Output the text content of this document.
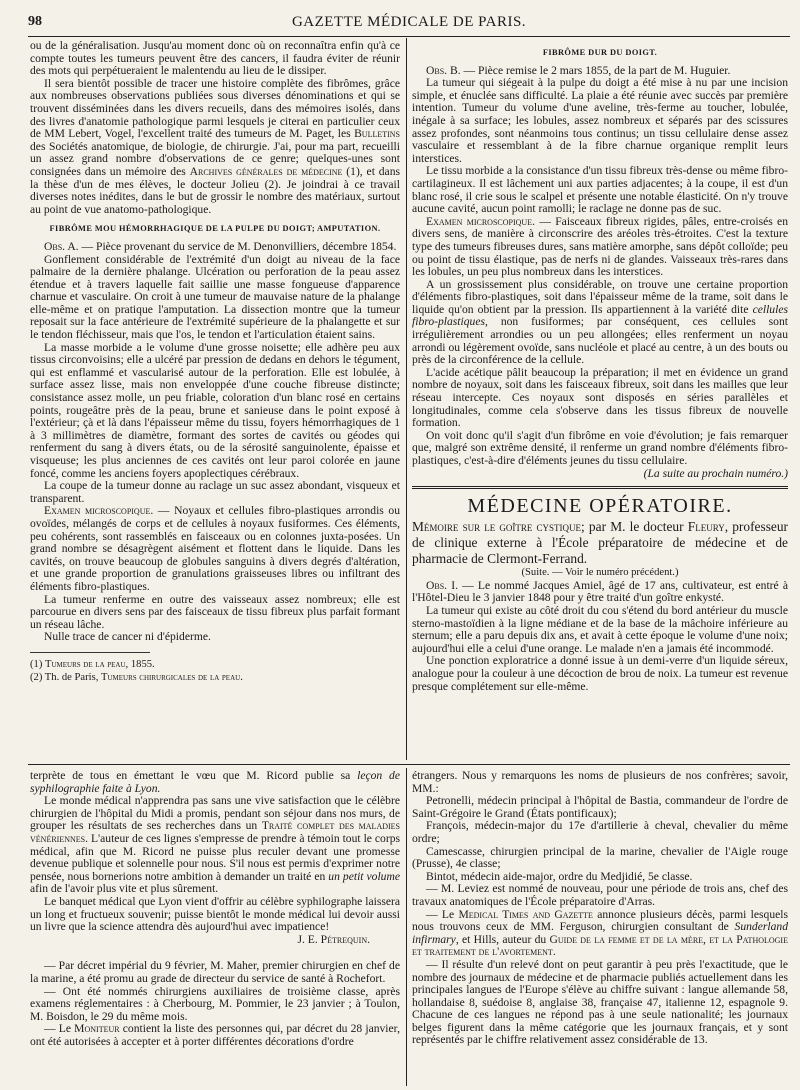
98	GAZETTE MÉDICALE DE PARIS.

ou de la généralisation. Jusqu'au moment donc où on reconnaîtra enfin qu'à ce compte toutes les tumeurs peuvent être des cancers, il faudra éviter de réunir des mots qui perpétueraient le malentendu au lieu de le dissiper.

Il sera bientôt possible de tracer une histoire complète des fibrômes, grâce aux nombreuses observations publiées sous diverses dénominations et qui se trouvent disséminées dans les divers recueils, dans des mémoires isolés, dans des livres d'anatomie pathologique parmi lesquels je citerai en particulier ceux de MM Lebert, Vogel, l'excellent traité des tumeurs de M. Paget, les Bulletins des Sociétés anatomique, de biologie, de chirurgie. J'ai, pour ma part, recueilli un assez grand nombre d'observations de ce genre; quelques-unes sont consignées dans un mémoire des Archives générales de médecine (1), et dans la thèse d'un de mes élèves, le docteur Jolieu (2). Je joindrai à ce travail diverses notes inédites, dans le but de grossir le nombre des matériaux, surtout au point de vue anatomo-pathologique.

FIBRÔME MOU HÉMORRHAGIQUE DE LA PULPE DU DOIGT; AMPUTATION.

Obs. A. — Pièce provenant du service de M. Denonvilliers, décembre 1854.

Gonflement considérable de l'extrémité d'un doigt au niveau de la face palmaire de la dernière phalange. Ulcération ou perforation de la peau assez étendue et à travers laquelle fait saillie une masse fongueuse d'apparence charnue et vasculaire. On croit à une tumeur de mauvaise nature de la phalange elle-même et on pratique l'amputation. La dissection montre que la tumeur reposait sur la face antérieure de l'extrémité supérieure de la phalangette et sur le tendon fléchisseur, mais que l'os, le tendon et l'articulation étaient sains.

La masse morbide a le volume d'une grosse noisette; elle adhère peu aux tissus circonvoisins; elle a ulcéré par pression de dedans en dehors le tégument, qui est enflammé et vascularisé autour de la perforation. Elle est lobulée, à surface assez lisse, mais non enveloppée d'une couche fibreuse distincte; consistance assez molle, un peu friable, coloration d'un blanc rosé en certains points, rougeâtre près de la peau, brune et sanieuse dans le point exposé à l'extérieur; çà et là dans l'épaisseur même du tissu, foyers hémorrhagiques de 1 à 3 millimètres de diamètre, formant des sortes de cavités ou géodes qui renferment du sang à divers états, ou de la sérosité sanguinolente, épaisse et visqueuse; les plus anciennes de ces cavités ont leur paroi colorée en jaune foncé, comme les anciens foyers apoplectiques cérébraux.

La coupe de la tumeur donne au raclage un suc assez abondant, visqueux et transparent.

Examen microscopique. — Noyaux et cellules fibro-plastiques arrondis ou ovoïdes, mélangés de corps et de cellules à noyaux fusiformes. Ces éléments, peu cohérents, sont rassemblés en faisceaux ou en colonnes juxta-posées. Un grand nombre se désagrègent aisément et flottent dans le liquide. Dans les cavités, on trouve beaucoup de globules sanguins à divers degrés d'altération, et une grande proportion de granulations graisseuses libres ou infiltrant des éléments fibro-plastiques.

La tumeur renferme en outre des vaisseaux assez nombreux; elle est parcourue en divers sens par des faisceaux de tissu fibreux plus parfait formant un réseau lâche.

Nulle trace de cancer ni d'épiderme.

(1) Tumeurs de la peau, 1855.

(2) Th. de Paris, Tumeurs chirurgicales de la peau.

FIBRÔME DUR DU DOIGT.

Obs. B. — Pièce remise le 2 mars 1855, de la part de M. Huguier.

La tumeur qui siégeait à la pulpe du doigt a été mise à nu par une incision simple, et énuclée sans difficulté. La plaie a été réunie avec succès par première intention. Tumeur du volume d'une aveline, très-ferme au toucher, lobulée, inégale à sa surface; les lobules, assez nombreux et séparés par des scissures assez profondes, sont néanmoins tous continus; un tissu cellulaire dense assez vasculaire et ressemblant à de la fibre charnue organique remplit leurs interstices.

Le tissu morbide a la consistance d'un tissu fibreux très-dense ou même fibro-cartilagineux. Il est lâchement uni aux parties adjacentes; à la coupe, il est d'un blanc rosé, il crie sous le scalpel et présente une notable élasticité. On n'y trouve aucune cavité, aucun point ramolli; le raclage ne donne pas de suc.

Examen microscopique. — Faisceaux fibreux rigides, pâles, entre-croisés en divers sens, de manière à circonscrire des aréoles très-étroites. C'est la texture type des tumeurs fibreuses dures, sans matière amorphe, sans dépôt colloïde; peu ou point de tissu élastique, pas de nerfs ni de glandes. Vaisseaux très-rares dans les lobules, un peu plus nombreux dans les interstices.

A un grossissement plus considérable, on trouve une certaine proportion d'éléments fibro-plastiques, soit dans l'épaisseur même de la trame, soit dans le liquide qu'on obtient par la pression. Ils appartiennent à la variété dite cellules fibro-plastiques, non fusiformes; par conséquent, ces cellules sont irrégulièrement arrondies ou un peu allongées; elles renferment un noyau arrondi ou légèrement ovoïde, sans nucléole et placé au centre, à un des bouts ou près de la circonférence de la cellule.

L'acide acétique pâlit beaucoup la préparation; il met en évidence un grand nombre de noyaux, soit dans les faisceaux fibreux, soit dans les mailles que leur réseau intercepte. Ces noyaux sont disposés en séries parallèles et longitudinales, comme cela s'observe dans les tissus fibreux de nouvelle formation.

On voit donc qu'il s'agit d'un fibrôme en voie d'évolution; je fais remarquer que, malgré son extrême densité, il renferme un grand nombre d'éléments fibro-plastiques, c'est-à-dire d'éléments jeunes du tissu cellulaire.

(La suite au prochain numéro.)

MÉDECINE OPÉRATOIRE.

Mémoire sur le goître cystique; par M. le docteur Fleury, professeur de clinique externe à l'École préparatoire de médecine et de pharmacie de Clermont-Ferrand.

(Suite. — Voir le numéro précédent.)

Obs. I. — Le nommé Jacques Amiel, âgé de 17 ans, cultivateur, est entré à l'Hôtel-Dieu le 3 janvier 1848 pour y être traité d'un goître enkysté.

La tumeur qui existe au côté droit du cou s'étend du bord antérieur du muscle sterno-mastoïdien à la ligne médiane et de la base de la mâchoire inférieure au sternum; elle a paru depuis dix ans, et avait à cette époque le volume d'une noix; aujourd'hui elle a celui d'une orange. Le malade n'en a jamais été incommodé.

Une ponction exploratrice a donné issue à un demi-verre d'un liquide séreux, analogue pour la couleur à une décoction de brou de noix. La tumeur est revenue presque complétement sur elle-même.

terprète de tous en émettant le vœu que M. Ricord publie sa leçon de syphilographie faite à Lyon.

Le monde médical n'apprendra pas sans une vive satisfaction que le célèbre chirurgien de l'hôpital du Midi a promis, pendant son séjour dans nos murs, de grouper les résultats de ses recherches dans un Traité complet des maladies vénériennes. L'auteur de ces lignes s'empresse de prendre à témoin tout le corps médical, afin que M. Ricord ne puisse plus reculer devant une promesse devenue publique et solennelle pour nous. S'il nous est permis d'exprimer notre pensée, nous bornerions notre ambition à demander un traité en un petit volume afin de l'avoir plus vite et plus sûrement.

Le banquet médical que Lyon vient d'offrir au célèbre syphilographe laissera un long et fructueux souvenir; puisse bientôt le monde médical lui devoir aussi un livre que la science attendra dès aujourd'hui avec impatience!

J. E. Pétrequin.

— Par décret impérial du 9 février, M. Maher, premier chirurgien en chef de la marine, a été promu au grade de directeur du service de santé à Rochefort.

— Ont été nommés chirurgiens auxiliaires de troisième classe, après examens réglementaires : à Cherbourg, M. Pommier, le 23 janvier ; à Toulon, M. Boisdon, le 29 du même mois.

— Le Moniteur contient la liste des personnes qui, par décret du 28 janvier, ont été autorisées à accepter et à porter différentes décorations d'ordre

étrangers. Nous y remarquons les noms de plusieurs de nos confrères; savoir, MM.:

Petronelli, médecin principal à l'hôpital de Bastia, commandeur de l'ordre de Saint-Grégoire le Grand (États pontificaux);

François, médecin-major du 17e d'artillerie à cheval, chevalier du même ordre;

Camescasse, chirurgien principal de la marine, chevalier de l'Aigle rouge (Prusse), 4e classe;

Bintot, médecin aide-major, ordre du Medjidié, 5e classe.

— M. Leviez est nommé de nouveau, pour une période de trois ans, chef des travaux anatomiques de l'École préparatoire d'Arras.

— Le Medical Times and Gazette annonce plusieurs décès, parmi lesquels nous trouvons ceux de MM. Ferguson, chirurgien consultant de Sunderland infirmary, et Hills, auteur du Guide de la femme et de la mère, et la Pathologie et traitement de l'avortement.

— Il résulte d'un relevé dont on peut garantir à peu près l'exactitude, que le nombre des journaux de médecine et de pharmacie publiés actuellement dans les principales langues de l'Europe s'élève au chiffre suivant : langue allemande 58, hollandaise 8, suédoise 8, anglaise 38, française 47, italienne 12, espagnole 9. Chacune de ces langues ne répond pas à une seule nationalité; les journaux belges figurent dans la même catégorie que les journaux français, et y sont représentés par le chiffre relativement assez considérable de 13.
